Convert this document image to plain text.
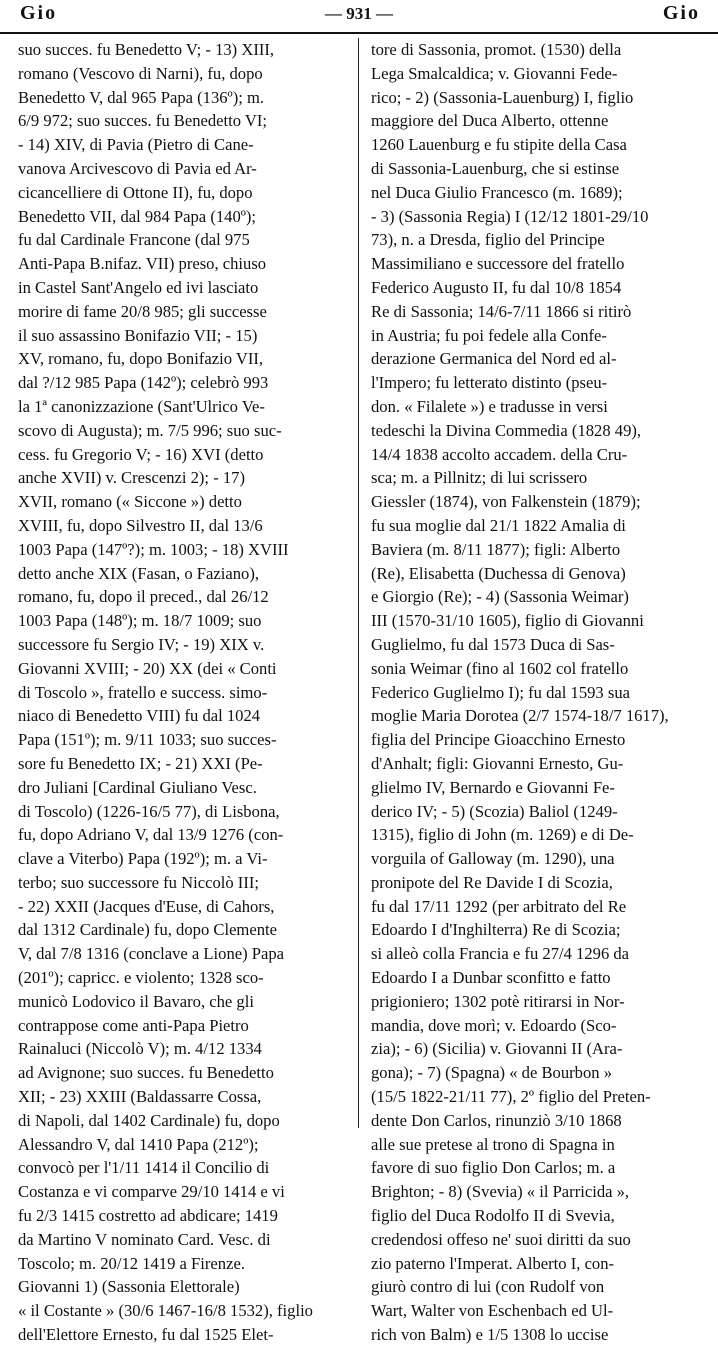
Gio	— 931 —	Gio
suo succes. fu Benedetto V; - 13) XIII,
romano (Vescovo di Narni), fu, dopo
Benedetto V, dal 965 Papa (136º); m.
6/9 972; suo succes. fu Benedetto VI;
- 14) XIV, di Pavia (Pietro di Cane-
vanova Arcivescovo di Pavia ed Ar-
cicancelliere di Ottone II), fu, dopo
Benedetto VII, dal 984 Papa (140º);
fu dal Cardinale Francone (dal 975
Anti-Papa B.nifaz. VII) preso, chiuso
in Castel Sant'Angelo ed ivi lasciato
morire di fame 20/8 985; gli successe
il suo assassino Bonifazio VII; - 15)
XV, romano, fu, dopo Bonifazio VII,
dal ?/12 985 Papa (142º); celebrò 993
la 1ª canonizzazione (Sant'Ulrico Ve-
scovo di Augusta); m. 7/5 996; suo suc-
cess. fu Gregorio V; - 16) XVI (detto
anche XVII) v. Crescenzi 2); - 17)
XVII, romano (« Siccone ») detto
XVIII, fu, dopo Silvestro II, dal 13/6
1003 Papa (147º?); m. 1003; - 18) XVIII
detto anche XIX (Fasan, o Faziano),
romano, fu, dopo il preced., dal 26/12
1003 Papa (148º); m. 18/7 1009; suo
successore fu Sergio IV; - 19) XIX v.
Giovanni XVIII; - 20) XX (dei « Conti
di Toscolo », fratello e success. simo-
niaco di Benedetto VIII) fu dal 1024
Papa (151º); m. 9/11 1033; suo succes-
sore fu Benedetto IX; - 21) XXI (Pe-
dro Juliani [Cardinal Giuliano Vesc.
di Toscolo) (1226-16/5 77), di Lisbona,
fu, dopo Adriano V, dal 13/9 1276 (con-
clave a Viterbo) Papa (192º); m. a Vi-
terbo; suo successore fu Niccolò III;
- 22) XXII (Jacques d'Euse, di Cahors,
dal 1312 Cardinale) fu, dopo Clemente
V, dal 7/8 1316 (conclave a Lione) Papa
(201º); capricc. e violento; 1328 sco-
municò Lodovico il Bavaro, che gli
contrappose come anti-Papa Pietro
Rainaluci (Niccolò V); m. 4/12 1334
ad Avignone; suo succes. fu Benedetto
XII; - 23) XXIII (Baldassarre Cossa,
di Napoli, dal 1402 Cardinale) fu, dopo
Alessandro V, dal 1410 Papa (212º);
convocò per l'1/11 1414 il Concilio di
Costanza e vi comparve 29/10 1414 e vi
fu 2/3 1415 costretto ad abdicare; 1419
da Martino V nominato Card. Vesc. di
Toscolo; m. 20/12 1419 a Firenze.
Giovanni 1) (Sassonia Elettorale)
« il Costante » (30/6 1467-16/8 1532), figlio
dell'Elettore Ernesto, fu dal 1525 Elet-
tore di Sassonia, promot. (1530) della
Lega Smalcaldica; v. Giovanni Fede-
rico; - 2) (Sassonia-Lauenburg) I, figlio
maggiore del Duca Alberto, ottenne
1260 Lauenburg e fu stipite della Casa
di Sassonia-Lauenburg, che si estinse
nel Duca Giulio Francesco (m. 1689);
- 3) (Sassonia Regia) I (12/12 1801-29/10
73), n. a Dresda, figlio del Principe
Massimiliano e successore del fratello
Federico Augusto II, fu dal 10/8 1854
Re di Sassonia; 14/6-7/11 1866 si ritirò
in Austria; fu poi fedele alla Confe-
derazione Germanica del Nord ed al-
l'Impero; fu letterato distinto (pseu-
don. « Filalete ») e tradusse in versi
tedeschi la Divina Commedia (1828 49),
14/4 1838 accolto accadem. della Cru-
sca; m. a Pillnitz; di lui scrissero
Giessler (1874), von Falkenstein (1879);
fu sua moglie dal 21/1 1822 Amalia di
Baviera (m. 8/11 1877); figli: Alberto
(Re), Elisabetta (Duchessa di Genova)
e Giorgio (Re); - 4) (Sassonia Weimar)
III (1570-31/10 1605), figlio di Giovanni
Guglielmo, fu dal 1573 Duca di Sas-
sonia Weimar (fino al 1602 col fratello
Federico Guglielmo I); fu dal 1593 sua
moglie Maria Dorotea (2/7 1574-18/7 1617),
figlia del Principe Gioacchino Ernesto
d'Anhalt; figli: Giovanni Ernesto, Gu-
glielmo IV, Bernardo e Giovanni Fe-
derico IV; - 5) (Scozia) Baliol (1249-
1315), figlio di John (m. 1269) e di De-
vorguila of Galloway (m. 1290), una
pronipote del Re Davide I di Scozia,
fu dal 17/11 1292 (per arbitrato del Re
Edoardo I d'Inghilterra) Re di Scozia;
si alleò colla Francia e fu 27/4 1296 da
Edoardo I a Dunbar sconfitto e fatto
prigioniero; 1302 potè ritirarsi in Nor-
mandia, dove morì; v. Edoardo (Sco-
zia); - 6) (Sicilia) v. Giovanni II (Ara-
gona); - 7) (Spagna) « de Bourbon »
(15/5 1822-21/11 77), 2º figlio del Preten-
dente Don Carlos, rinunziò 3/10 1868
alle sue pretese al trono di Spagna in
favore di suo figlio Don Carlos; m. a
Brighton; - 8) (Svevia) « il Parricida »,
figlio del Duca Rodolfo II di Svevia,
credendosi offeso ne' suoi diritti da suo
zio paterno l'Imperat. Alberto I, con-
giurò contro di lui (con Rudolf von
Wart, Walter von Eschenbach ed Ul-
rich von Balm) e 1/5 1308 lo uccise
